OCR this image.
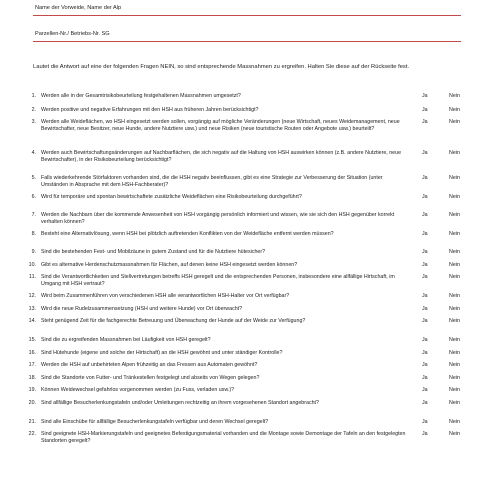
Name der Vorweide, Name der Alp
Parzellen-Nr./ Betriebs-Nr. SG
Lautet die Antwort auf eine der folgenden Fragen NEIN, so sind entsprechende Massnahmen zu ergreifen. Halten Sie diese auf der Rückseite fest.
1. Werden alle in der Gesamtrisikobeurteilung festgehaltenen Massnahmen umgesetzt?	Ja	Nein
2. Werden positive und negative Erfahrungen mit den HSH aus früheren Jahren berücksichtigt?	Ja	Nein
3. Werden alle Weideflächen, wo HSH eingesetzt werden sollen, vorgängig auf mögliche Veränderungen (neue Wirtschaft, neues Weidemanagement, neue Bewirtschafter, neue Besitzer, neue Hunde, andere Nutztiere usw.) und neue Risiken (neue touristische Routen oder Angebote usw.) beurteilt?
Ja	Nein
4. Werden auch Bewirtschaftungsänderungen auf Nachbarflächen, die sich negativ auf die Haltung von HSH auswirken können (z.B. andere Nutztiere, neue Bewirtschafter), in der Risikobeurteilung berücksichtigt?
Ja	Nein
5. Falls wiederkehrende Störfaktoren vorhanden sind, die die HSH negativ beeinflussen, gibt es eine Strategie zur Verbesserung der Situation (unter Umständen in Absprache mit dem HSH-Fachberater)?
Ja	Nein
6. Wird für temporäre und spontan bewirtschaftete zusätzliche Weideflächen eine Risikobeurteilung durchgeführt?	Ja	Nein
7. Werden die Nachbarn über die kommende Anwesenheit von HSH vorgängig persönlich informiert und wissen, wie sie sich den HSH gegenüber korrekt verhalten können?
Ja	Nein
8. Besteht eine Alternativlösung, wenn HSH bei plötzlich auftretenden Konflikten von der Weidefläche entfernt werden müssen?	Ja	Nein
9. Sind die bestehenden Fest- und Mobilzäune in gutem Zustand und für die Nutztiere hütesicher?	Ja	Nein
10. Gibt es alternative Herdenschutzmassnahmen für Flächen, auf denen keine HSH eingesetzt werden können?	Ja	Nein
11. Sind die Verantwortlichkeiten und Stellvertretungen betreffs HSH geregelt und die entsprechenden Personen, insbesondere eine allfällige Hirtschaft, im Umgang mit HSH vertraut?
Ja	Nein
12. Wird beim Zusammenführen von verschiedenen HSH alle verantwortlichen HSH-Halter vor Ort verfügbar?	Ja	Nein
13. Wird die neue Rudelzusammensetzung (HSH und weitere Hunde) vor Ort überwacht?	Ja	Nein
14. Steht genügend Zeit für die fachgerechte Betreuung und Überwachung der Hunde auf der Weide zur Verfügung?	Ja	Nein
15. Sind die zu ergreifenden Massnahmen bei Läufigkeit von HSH geregelt?	Ja	Nein
16. Sind Hütehunde (eigene und solche der Hirtschaft) an die HSH gewöhnt und unter ständiger Kontrolle?	Ja	Nein
17. Werden die HSH auf unbehirteten Alpen frühzeitig an das Fressen aus Automaten gewöhnt?	Ja	Nein
18. Sind die Standorte von Futter- und Tränkestellen festgelegt und abseits von Wegen gelegen?	Ja	Nein
19. Können Weidewechsel gefahrlos vorgenommen werden (zu Fuss, verladen usw.)?	Ja	Nein
20. Sind allfällige Besucherlenkungstafeln und/oder Umleitungen rechtzeitig an ihrem vorgesehenen Standort angebracht?	Ja	Nein
21. Sind alle Einschübe für allfällige Besucherlenkungstafeln verfügbar und deren Wechsel geregelt?	Ja	Nein
22. Sind geeignete HSH-Markierungstafeln und geeignetes Befestigungsmaterial vorhanden und die Montage sowie Demontage der Tafeln an den festgelegten Standorten geregelt?
Ja	Nein
